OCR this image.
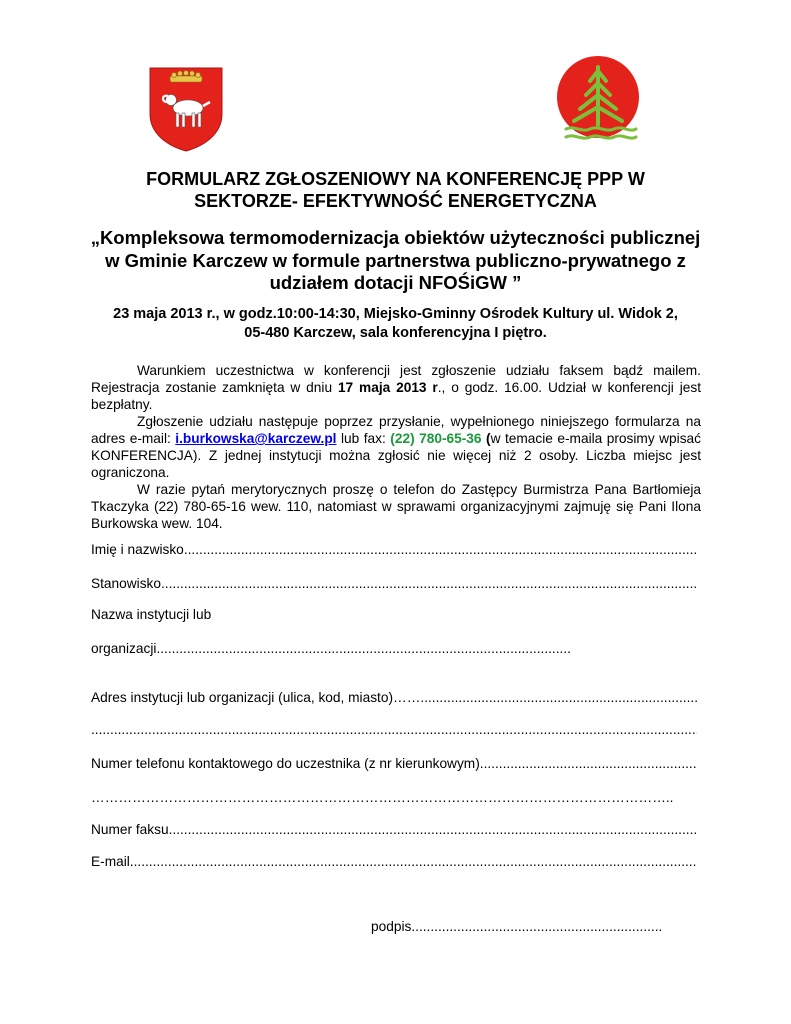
FORMULARZ ZGŁOSZENIOWY NA KONFERENCJĘ PPP W
SEKTORZE- EFEKTYWNOŚĆ ENERGETYCZNA
„Kompleksowa termomodernizacja obiektów użyteczności publicznej
w Gminie Karczew w formule partnerstwa publiczno-prywatnego z
udziałem dotacji NFOŚiGW ”
23 maja 2013 r., w godz.10:00-14:30, Miejsko-Gminny Ośrodek Kultury ul. Widok 2,
05-480 Karczew, sala konferencyjna I piętro.

Warunkiem uczestnictwa w konferencji jest zgłoszenie udziału faksem bądź mailem. Rejestracja zostanie zamknięta w dniu 17 maja 2013 r., o godz. 16.00. Udział w konferencji jest bezpłatny.

Zgłoszenie udziału następuje poprzez przysłanie, wypełnionego niniejszego formularza na adres e-mail: i.burkowska@karczew.pl lub fax: (22) 780-65-36 (w temacie e-maila prosimy wpisać KONFERENCJA). Z jednej instytucji można zgłosić nie więcej niż 2 osoby. Liczba miejsc jest ograniczona.

W razie pytań merytorycznych proszę o telefon do Zastępcy Burmistrza Pana Bartłomieja Tkaczyka (22) 780-65-16 wew. 110, natomiast w sprawami organizacyjnymi zajmuję się Pani Ilona Burkowska wew. 104.

Imię i nazwisko
.....
Stanowisko
.....
Nazwa instytucji lub
organizacji
.....
Adres instytucji lub organizacji (ulica, kod, miasto)……
.....
.....
Numer telefonu kontaktowego do uczestnika (z nr kierunkowym)
.....
………………………………………………………………………………………………………………..
Numer faksu
.....
E-mail
.....
podpis
.....
